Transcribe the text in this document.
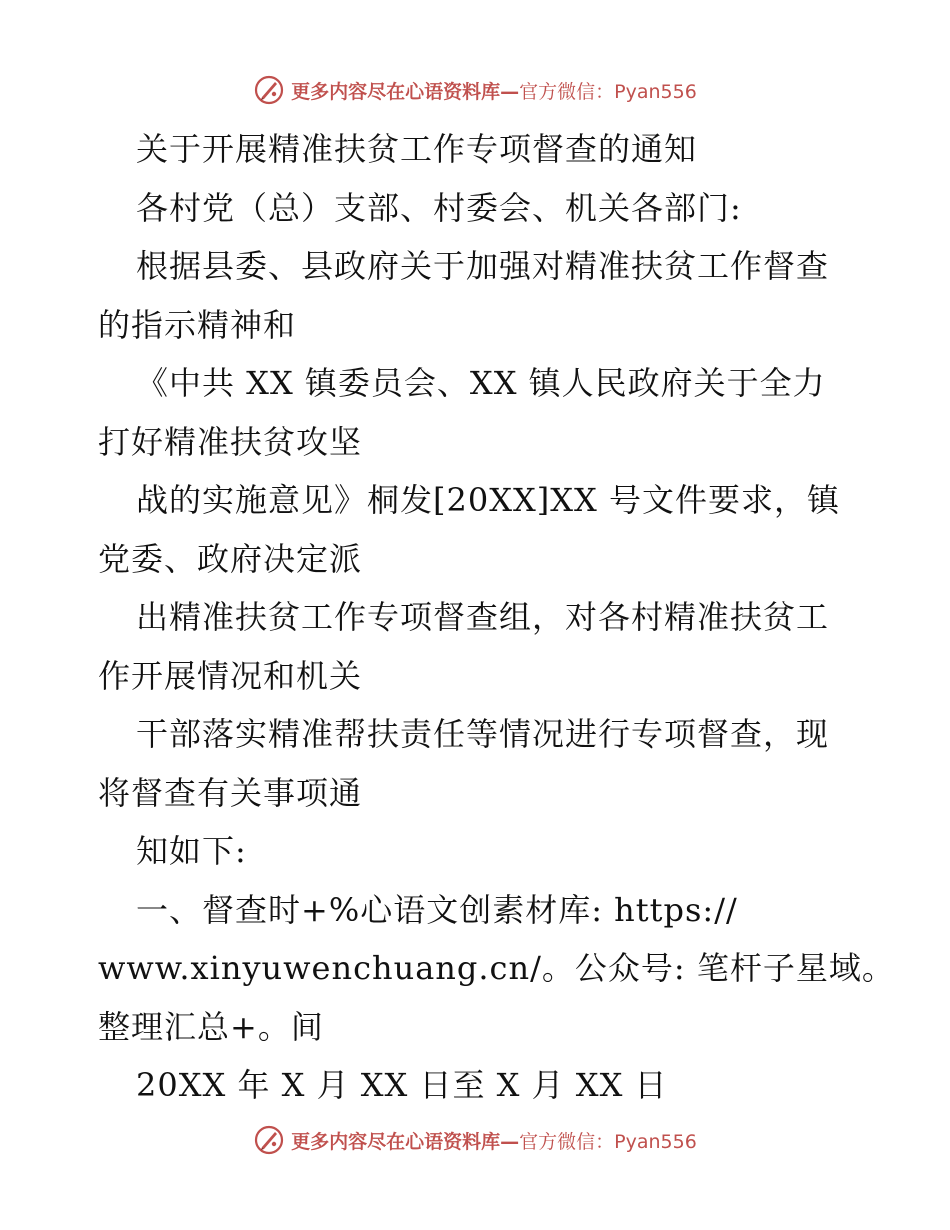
更多内容尽在心语资料库—官方微信：Pyan556
关于开展精准扶贫工作专项督查的通知
各村党（总）支部、村委会、机关各部门:
根据县委、县政府关于加强对精准扶贫工作督查
的指示精神和
《中共 XX 镇委员会、XX 镇人民政府关于全力
打好精准扶贫攻坚
战的实施意见》桐发[20XX]XX 号文件要求，镇
党委、政府决定派
出精准扶贫工作专项督查组，对各村精准扶贫工
作开展情况和机关
干部落实精准帮扶责任等情况进行专项督查，现
将督查有关事项通
知如下:
一、督查时+%心语文创素材库: https://
www.xinyuwenchuang.cn/。公众号: 笔杆子星域。
整理汇总+。间
20XX 年 X 月 XX 日至 X 月 XX 日
更多内容尽在心语资料库—官方微信：Pyan556
